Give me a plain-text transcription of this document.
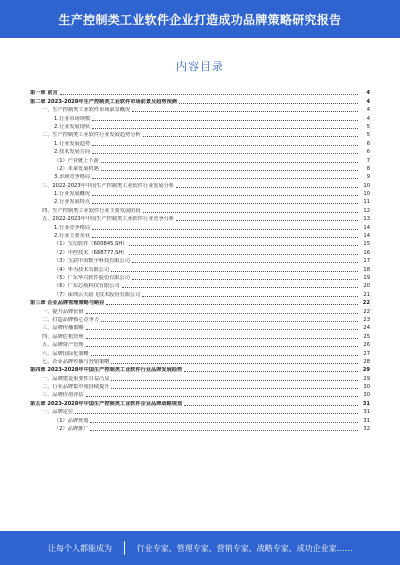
生产控制类工业软件企业打造成功品牌策略研究报告
内容目录
第一章 前言	4
第二章 2023-2028年生产控制类工业软件市场前景及趋势预测	4
一、生产控制类工业软件市场前景概况	4
1.行业市场规模	4
2.行业发展现状	5
二、生产控制类工业软件行业发展趋势分析	5
1.行业发展趋势	6
2.技术发展方向	6
（1）产业链上下游	7
（2）未来发展机遇	8
3.市场竞争格局	9
三、2022-2023年中国生产控制类工业软件行业发展分析	10
1.行业发展概况	10
2.行业发展特点	11
四、生产控制类工业软件行业主要发展阶段	12
五、2022-2023年中国生产控制类工业软件行业竞争分析	13
1.行业竞争格局	14
2.行业主要企业	14
（1）宝信软件（600845.SH）	15
（2）中控技术（688777.SH）	16
（3）宝武中冶数字科技有限公司	17
（4）华为技术有限公司	18
（5）广东华兴软件股份有限公司	19
（6）广东芯航科技有限公司	20
（7）深圳云天励飞技术股份有限公司	21
第三章 企业品牌管理策略与路径	22
一、提升品牌价值	22
二、打造品牌核心竞争力	23
三、品牌传播策略	24
四、品牌危机管理	25
五、品牌资产管理	26
六、品牌国际化策略	27
七、企业品牌传播与营销策略	28
第四章 2023-2028年中国生产控制类工业软件行业品牌发展趋势	29
一、品牌建设重要性日益凸显	29
二、行业品牌集中度持续提升	30
三、品牌价值评估	30
第五章 2023-2028年中国生产控制类工业软件企业品牌战略规划	31
一、品牌定位	31
（1）品牌规划	31
（2）品牌推广	32
让每个人都能成为	行业专家、管理专家、营销专家、战略专家、成功企业家……
